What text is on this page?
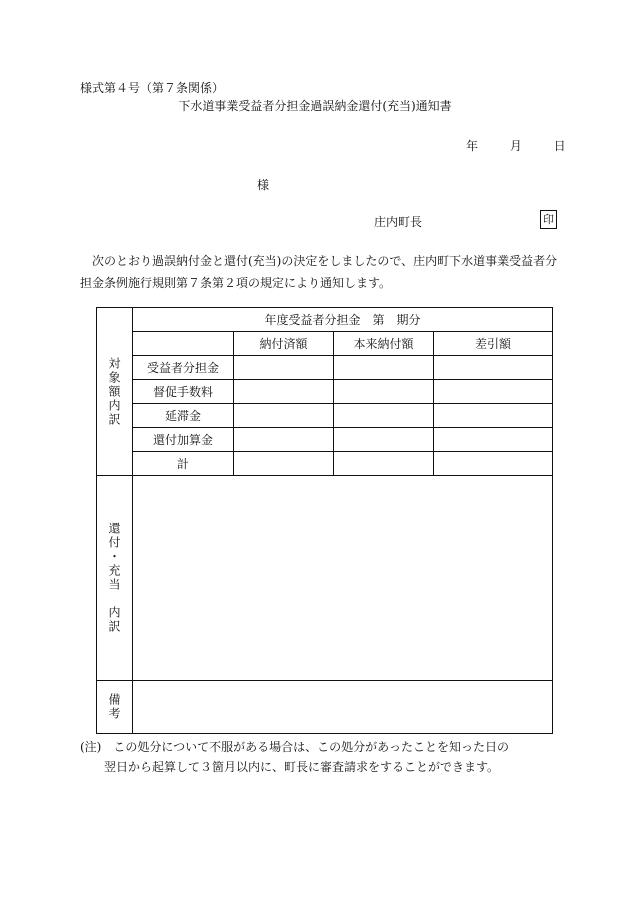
様式第４号（第７条関係）
下水道事業受益者分担金過誤納金還付(充当)通知書
年	月	日
様
庄内町長	印
次のとおり過誤納付金と還付(充当)の決定をしましたので、庄内町下水道事業受益者分担金条例施行規則第７条第２項の規定により通知します。
対象額内訳	年度受益者分担金　第　期分			
		納付済額	本来納付額	差引額
	受益者分担金			
	督促手数料			
	延滞金			
	還付加算金			
	計			

還付・充当　内訳				

備考				

(注)　この処分について不服がある場合は、この処分があったことを知った日の
翌日から起算して３箇月以内に、町長に審査請求をすることができます。
